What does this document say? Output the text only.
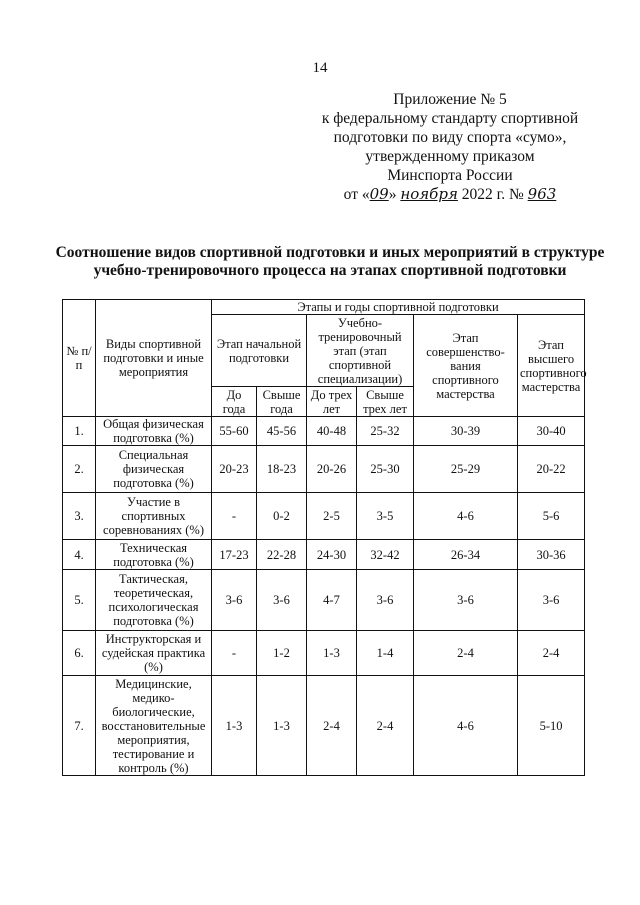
14
Приложение № 5
к федеральному стандарту спортивной
подготовки по виду спорта «сумо»,
утвержденному приказом
Минспорта России
от «09» ноября 2022 г. № 963
Соотношение видов спортивной подготовки и иных мероприятий в структуре
учебно-тренировочного процесса на этапах спортивной подготовки
№ п/п	Виды спортивной подготовки и иные мероприятия	Этапы и годы спортивной подготовки					
		Этап начальной подготовки		Учебно-тренировочный этап (этап спортивной специализации)		Этап совершенство-вания спортивного мастерства	Этап высшего спортивного мастерства
		До года	Свыше года	До трех лет	Свыше трех лет		
1.	Общая физическая подготовка (%)	55-60	45-56	40-48	25-32	30-39	30-40
2.	Специальная физическая подготовка (%)	20-23	18-23	20-26	25-30	25-29	20-22
3.	Участие в спортивных соревнованиях (%)	-	0-2	2-5	3-5	4-6	5-6
4.	Техническая подготовка (%)	17-23	22-28	24-30	32-42	26-34	30-36
5.	Тактическая, теоретическая, психологическая подготовка (%)	3-6	3-6	4-7	3-6	3-6	3-6
6.	Инструкторская и судейская практика (%)	-	1-2	1-3	1-4	2-4	2-4
7.	Медицинские, медико-биологические, восстановительные мероприятия, тестирование и контроль (%)	1-3	1-3	2-4	2-4	4-6	5-10
